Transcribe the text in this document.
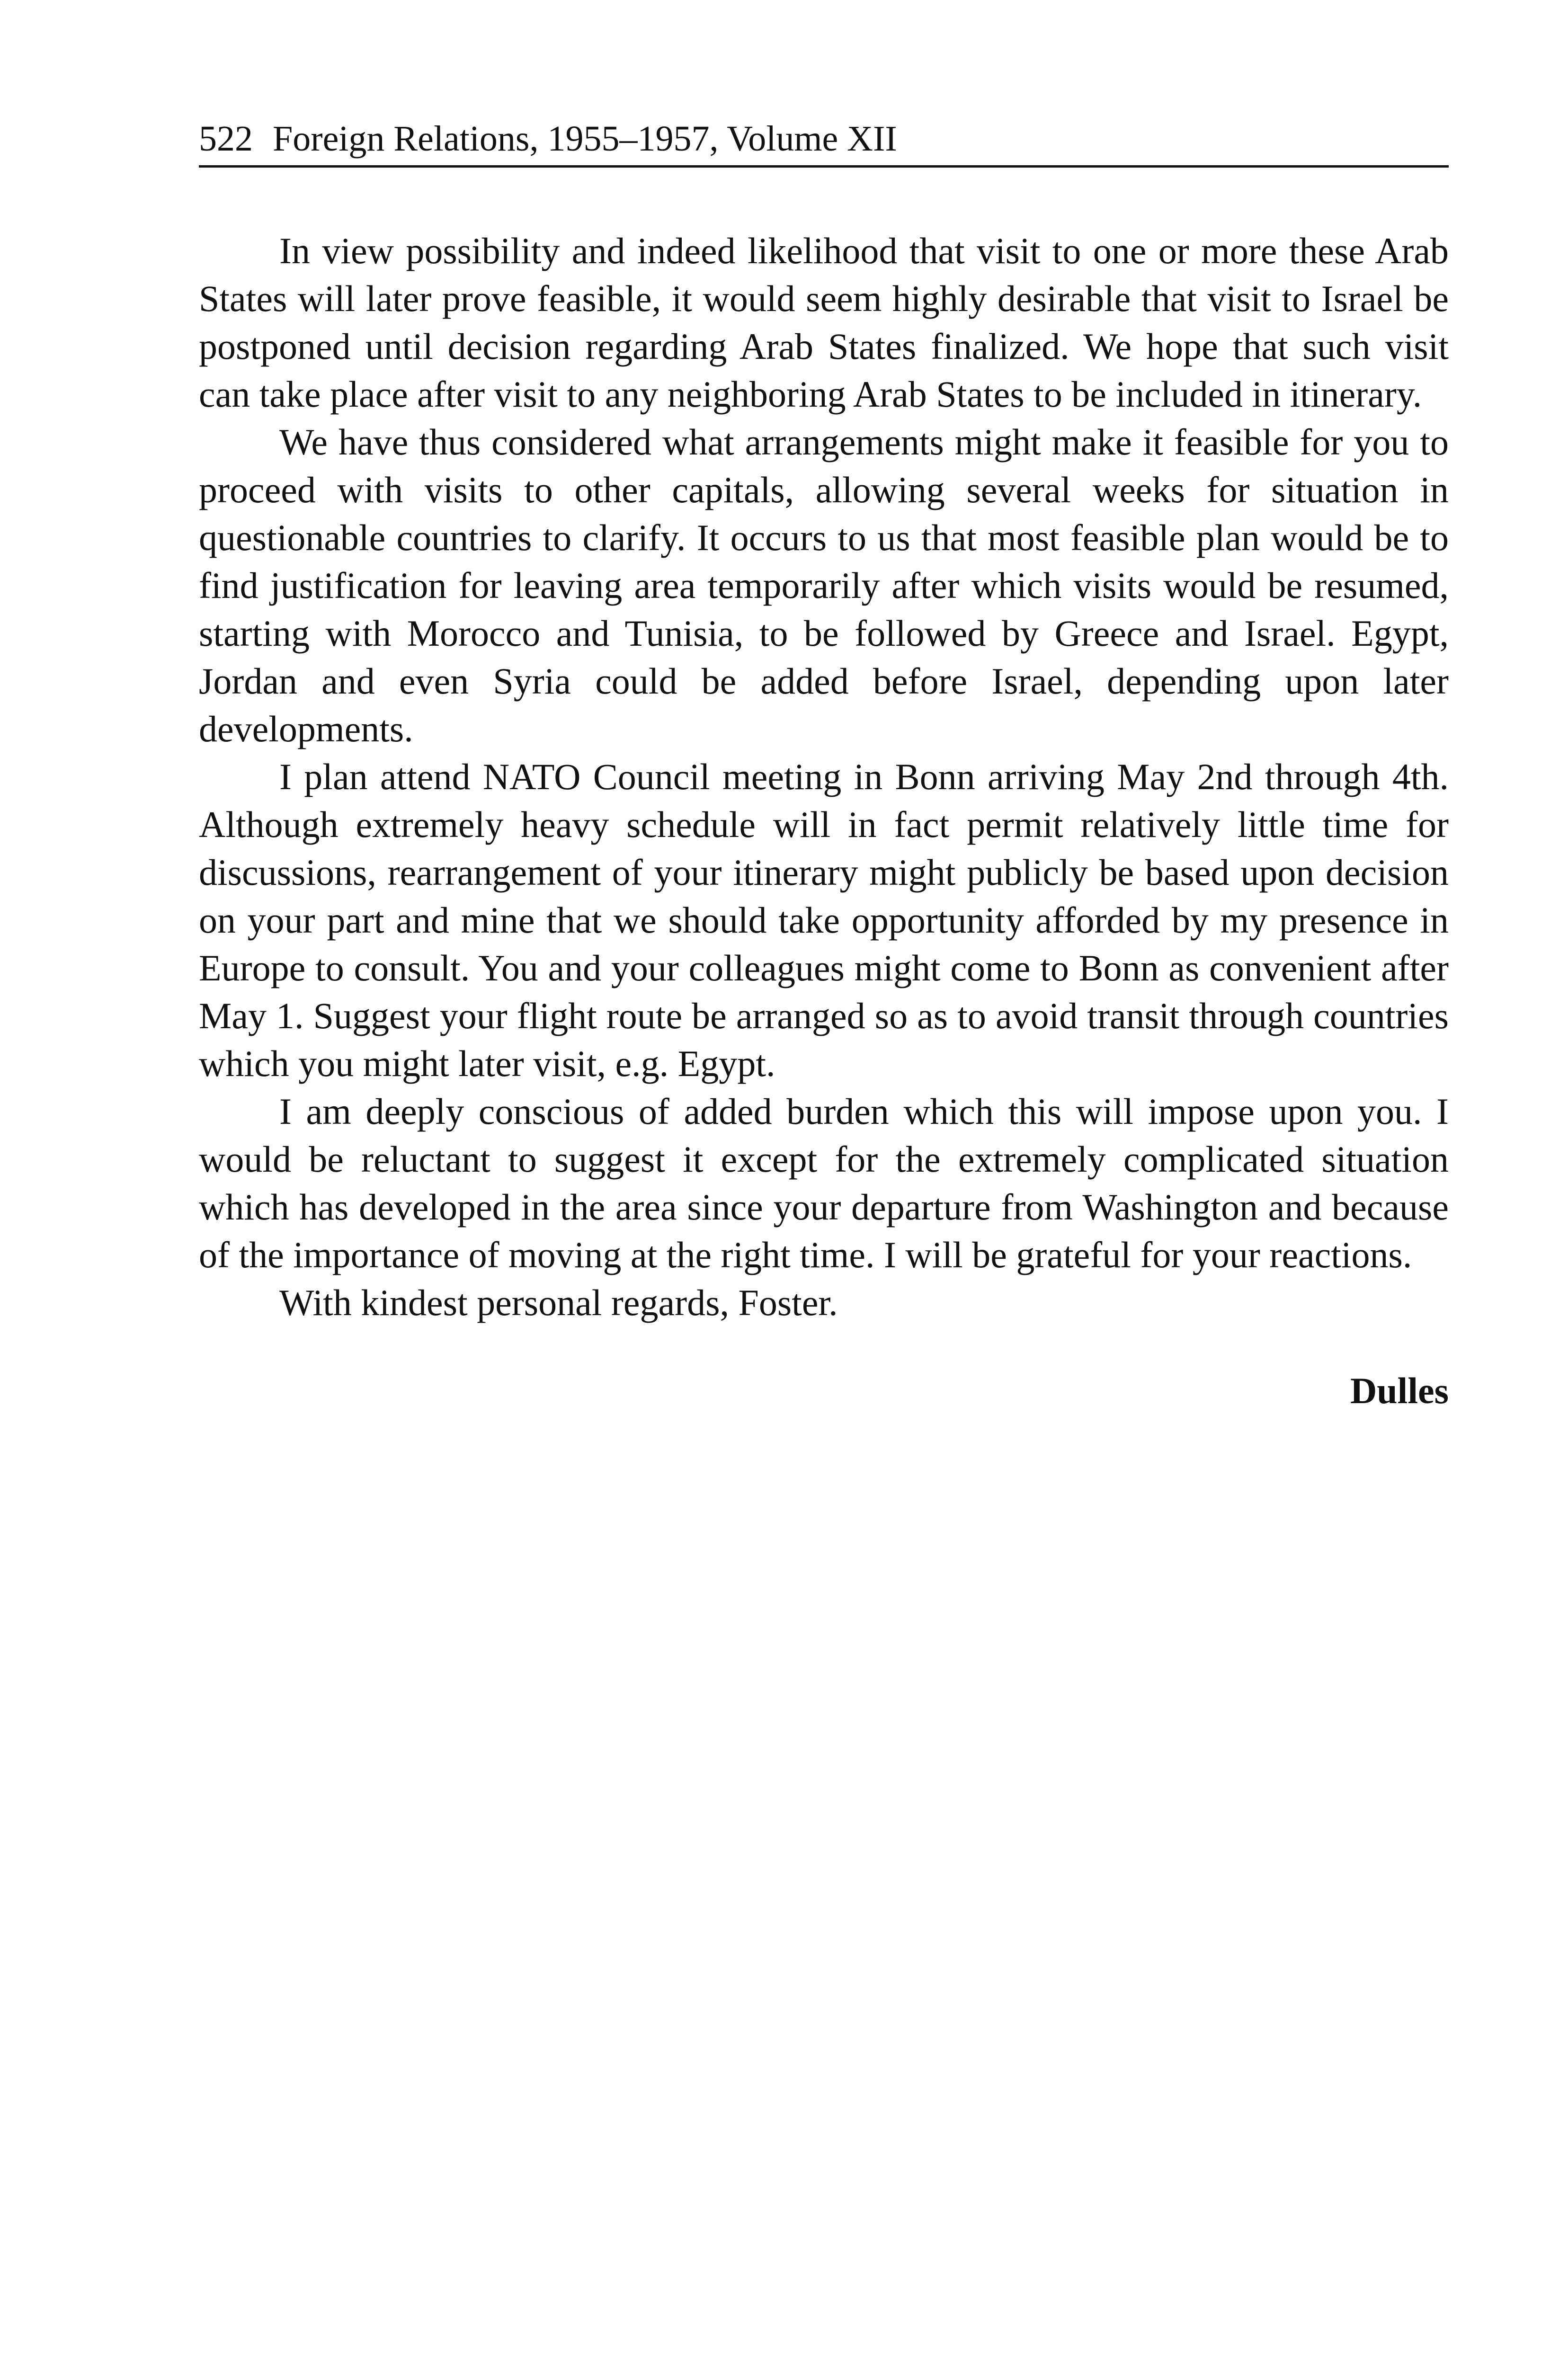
522 Foreign Relations, 1955–1957, Volume XII

In view possibility and indeed likelihood that visit to one or more these Arab States will later prove feasible, it would seem highly desirable that visit to Israel be postponed until decision regarding Arab States finalized. We hope that such visit can take place after visit to any neighboring Arab States to be included in itinerary.

We have thus considered what arrangements might make it feasible for you to proceed with visits to other capitals, allowing several weeks for situation in questionable countries to clarify. It occurs to us that most feasible plan would be to find justification for leaving area temporarily after which visits would be resumed, starting with Morocco and Tunisia, to be followed by Greece and Israel. Egypt, Jordan and even Syria could be added before Israel, depending upon later developments.

I plan attend NATO Council meeting in Bonn arriving May 2nd through 4th. Although extremely heavy schedule will in fact permit relatively little time for discussions, rearrangement of your itinerary might publicly be based upon decision on your part and mine that we should take opportunity afforded by my presence in Europe to consult. You and your colleagues might come to Bonn as convenient after May 1. Suggest your flight route be arranged so as to avoid transit through countries which you might later visit, e.g. Egypt.

I am deeply conscious of added burden which this will impose upon you. I would be reluctant to suggest it except for the extremely complicated situation which has developed in the area since your departure from Washington and because of the importance of moving at the right time. I will be grateful for your reactions.

With kindest personal regards, Foster.

Dulles
